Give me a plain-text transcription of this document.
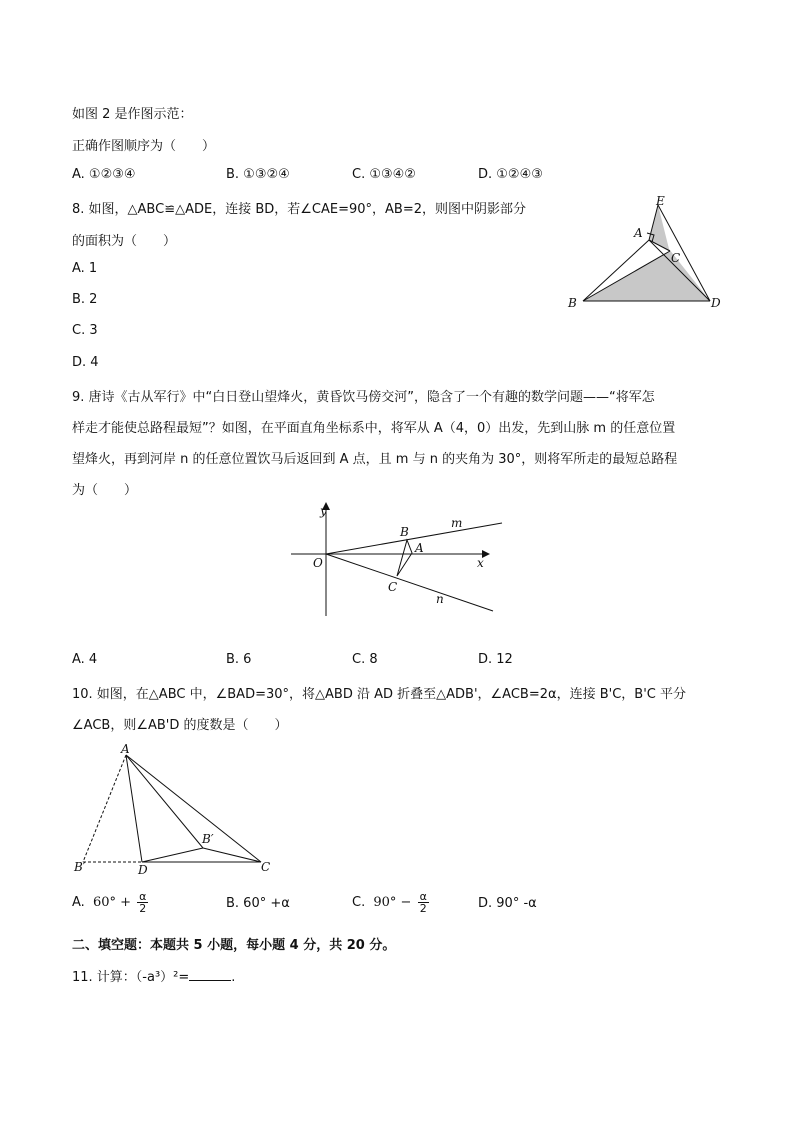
如图 2 是作图示范：
正确作图顺序为（　　）
A. ①②③④	B. ①③②④	C. ①③④②	D. ①②④③
8. 如图，△ABC≌△ADE，连接 BD，若∠CAE=90°，AB=2，则图中阴影部分
的面积为（　　）
A. 1
B. 2
C. 3
D. 4
E
A
C
B	D
9. 唐诗《古从军行》中“白日登山望烽火，黄昏饮马傍交河”，隐含了一个有趣的数学问题——“将军怎
样走才能使总路程最短”？如图，在平面直角坐标系中，将军从 A（4，0）出发，先到山脉 m 的任意位置
望烽火，再到河岸 n 的任意位置饮马后返回到 A 点，且 m 与 n 的夹角为 30°，则将军所走的最短总路程
为（　　）
y
x
O
B
A
C
m
n
A. 4	B. 6	C. 8	D. 12
10. 如图，在△ABC 中，∠BAD=30°，将△ABD 沿 AD 折叠至△ADB'，∠ACB=2α，连接 B'C，B'C 平分
∠ACB，则∠AB'D 的度数是（　　）
A
B′
B′
D	C
A. $60^\circ + \frac{\alpha}{2}$	B. 60° +α	C. $90^\circ - \frac{\alpha}{2}$	D. 90° -α
二、填空题：本题共 5 小题，每小题 4 分，共 20 分。
11. 计算：（-a³）²=	.
